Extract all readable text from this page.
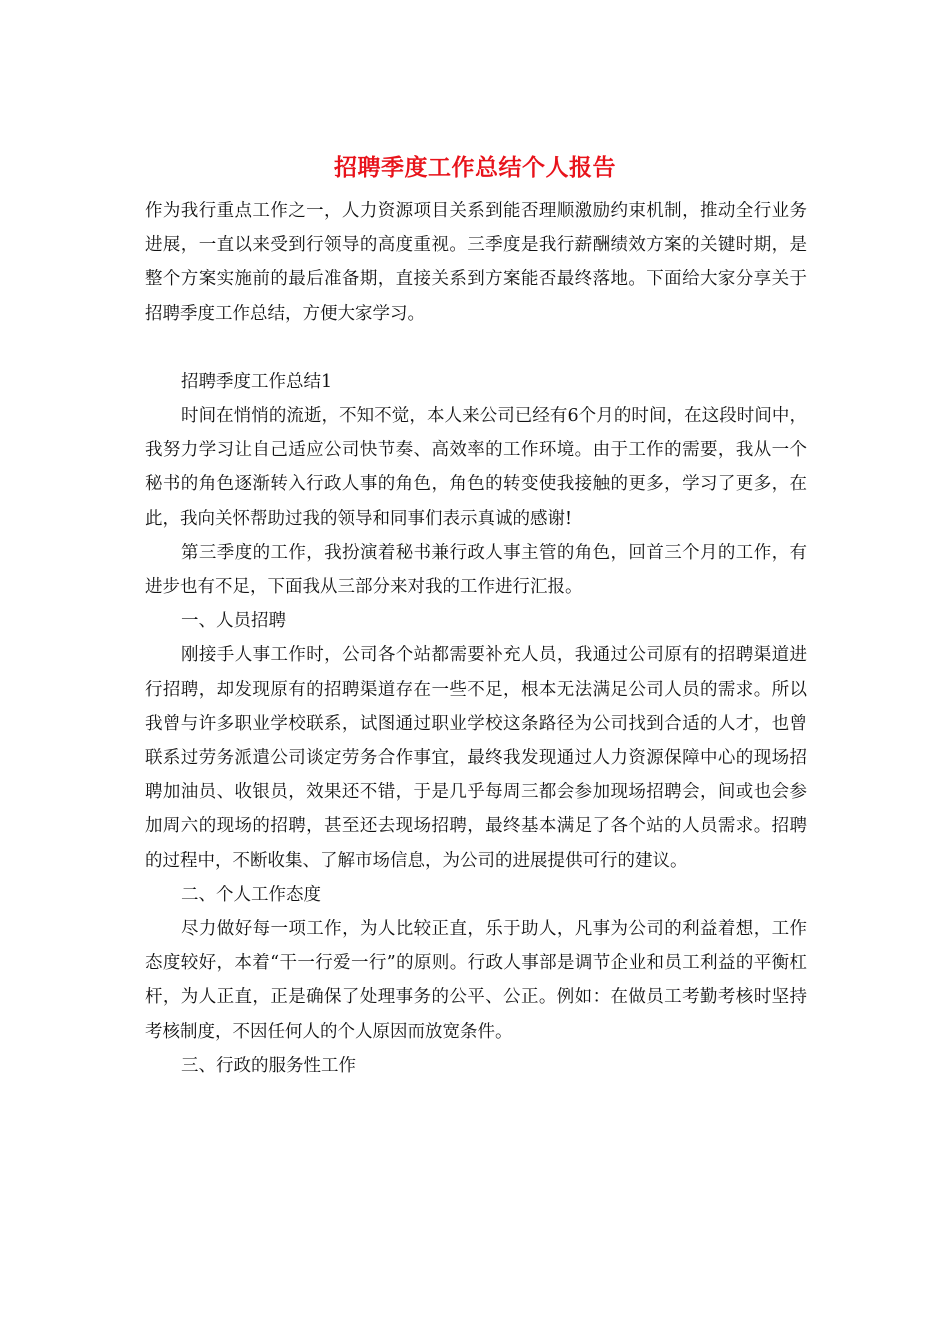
招聘季度工作总结个人报告

作为我行重点工作之一，人力资源项目关系到能否理顺激励约束机制，推动全行业务进展，一直以来受到行领导的高度重视。三季度是我行薪酬绩效方案的关键时期，是整个方案实施前的最后准备期，直接关系到方案能否最终落地。下面给大家分享关于招聘季度工作总结，方便大家学习。

招聘季度工作总结1

时间在悄悄的流逝，不知不觉，本人来公司已经有6个月的时间，在这段时间中，我努力学习让自己适应公司快节奏、高效率的工作环境。由于工作的需要，我从一个秘书的角色逐渐转入行政人事的角色，角色的转变使我接触的更多，学习了更多，在此，我向关怀帮助过我的领导和同事们表示真诚的感谢!

第三季度的工作，我扮演着秘书兼行政人事主管的角色，回首三个月的工作，有进步也有不足，下面我从三部分来对我的工作进行汇报。

一、人员招聘

刚接手人事工作时，公司各个站都需要补充人员，我通过公司原有的招聘渠道进行招聘，却发现原有的招聘渠道存在一些不足，根本无法满足公司人员的需求。所以我曾与许多职业学校联系，试图通过职业学校这条路径为公司找到合适的人才，也曾联系过劳务派遣公司谈定劳务合作事宜，最终我发现通过人力资源保障中心的现场招聘加油员、收银员，效果还不错，于是几乎每周三都会参加现场招聘会，间或也会参加周六的现场的招聘，甚至还去现场招聘，最终基本满足了各个站的人员需求。招聘的过程中，不断收集、了解市场信息，为公司的进展提供可行的建议。

二、个人工作态度

尽力做好每一项工作，为人比较正直，乐于助人，凡事为公司的利益着想，工作态度较好，本着“干一行爱一行”的原则。行政人事部是调节企业和员工利益的平衡杠杆，为人正直，正是确保了处理事务的公平、公正。例如：在做员工考勤考核时坚持考核制度，不因任何人的个人原因而放宽条件。

三、行政的服务性工作
